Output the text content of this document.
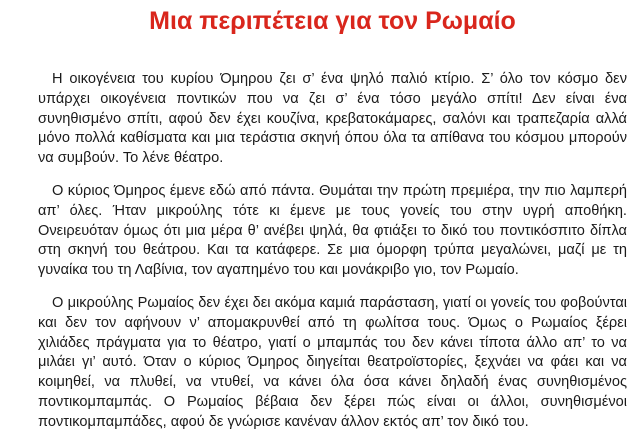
Μια περιπέτεια για τον Ρωμαίο

Η οικογένεια του κυρίου Όμηρου ζει σ’ ένα ψηλό παλιό κτίριο. Σ’ όλο τον κόσμο δεν υπάρχει οικογένεια ποντικών που να ζει σ’ ένα τόσο μεγάλο σπίτι! Δεν είναι ένα συνηθισμένο σπίτι, αφού δεν έχει κουζίνα, κρεβατοκάμαρες, σαλόνι και τραπεζαρία αλλά μόνο πολλά καθίσματα και μια τεράστια σκηνή όπου όλα τα απίθανα του κόσμου μπορούν να συμβούν. Το λένε θέατρο.

Ο κύριος Όμηρος έμενε εδώ από πάντα. Θυμάται την πρώτη πρεμιέρα, την πιο λαμπερή απ’ όλες. Ήταν μικρούλης τότε κι έμενε με τους γονείς του στην υγρή αποθήκη. Ονειρευόταν όμως ότι μια μέρα θ’ ανέβει ψηλά, θα φτιάξει το δικό του ποντικόσπιτο δίπλα στη σκηνή του θεάτρου. Και τα κατάφερε. Σε μια όμορφη τρύπα μεγαλώνει, μαζί με τη γυναίκα του τη Λαβίνια, τον αγαπημένο του και μονάκριβο γιο, τον Ρωμαίο.

Ο μικρούλης Ρωμαίος δεν έχει δει ακόμα καμιά παράσταση, γιατί οι γονείς του φοβούνται και δεν τον αφήνουν ν’ απομακρυνθεί από τη φωλίτσα τους. Όμως ο Ρωμαίος ξέρει χιλιάδες πράγματα για το θέατρο, γιατί ο μπαμπάς του δεν κάνει τίποτα άλλο απ’ το να μιλάει γι’ αυτό. Όταν ο κύριος Όμηρος διηγείται θεατροϊστορίες, ξεχνάει να φάει και να κοιμηθεί, να πλυθεί, να ντυθεί, να κάνει όλα όσα κάνει δηλαδή ένας συνηθισμένος ποντικομπαμπάς. Ο Ρωμαίος βέβαια δεν ξέρει πώς είναι οι άλλοι, συνηθισμένοι ποντικομπαμπάδες, αφού δε γνώρισε κανέναν άλλον εκτός απ’ τον δικό του.
